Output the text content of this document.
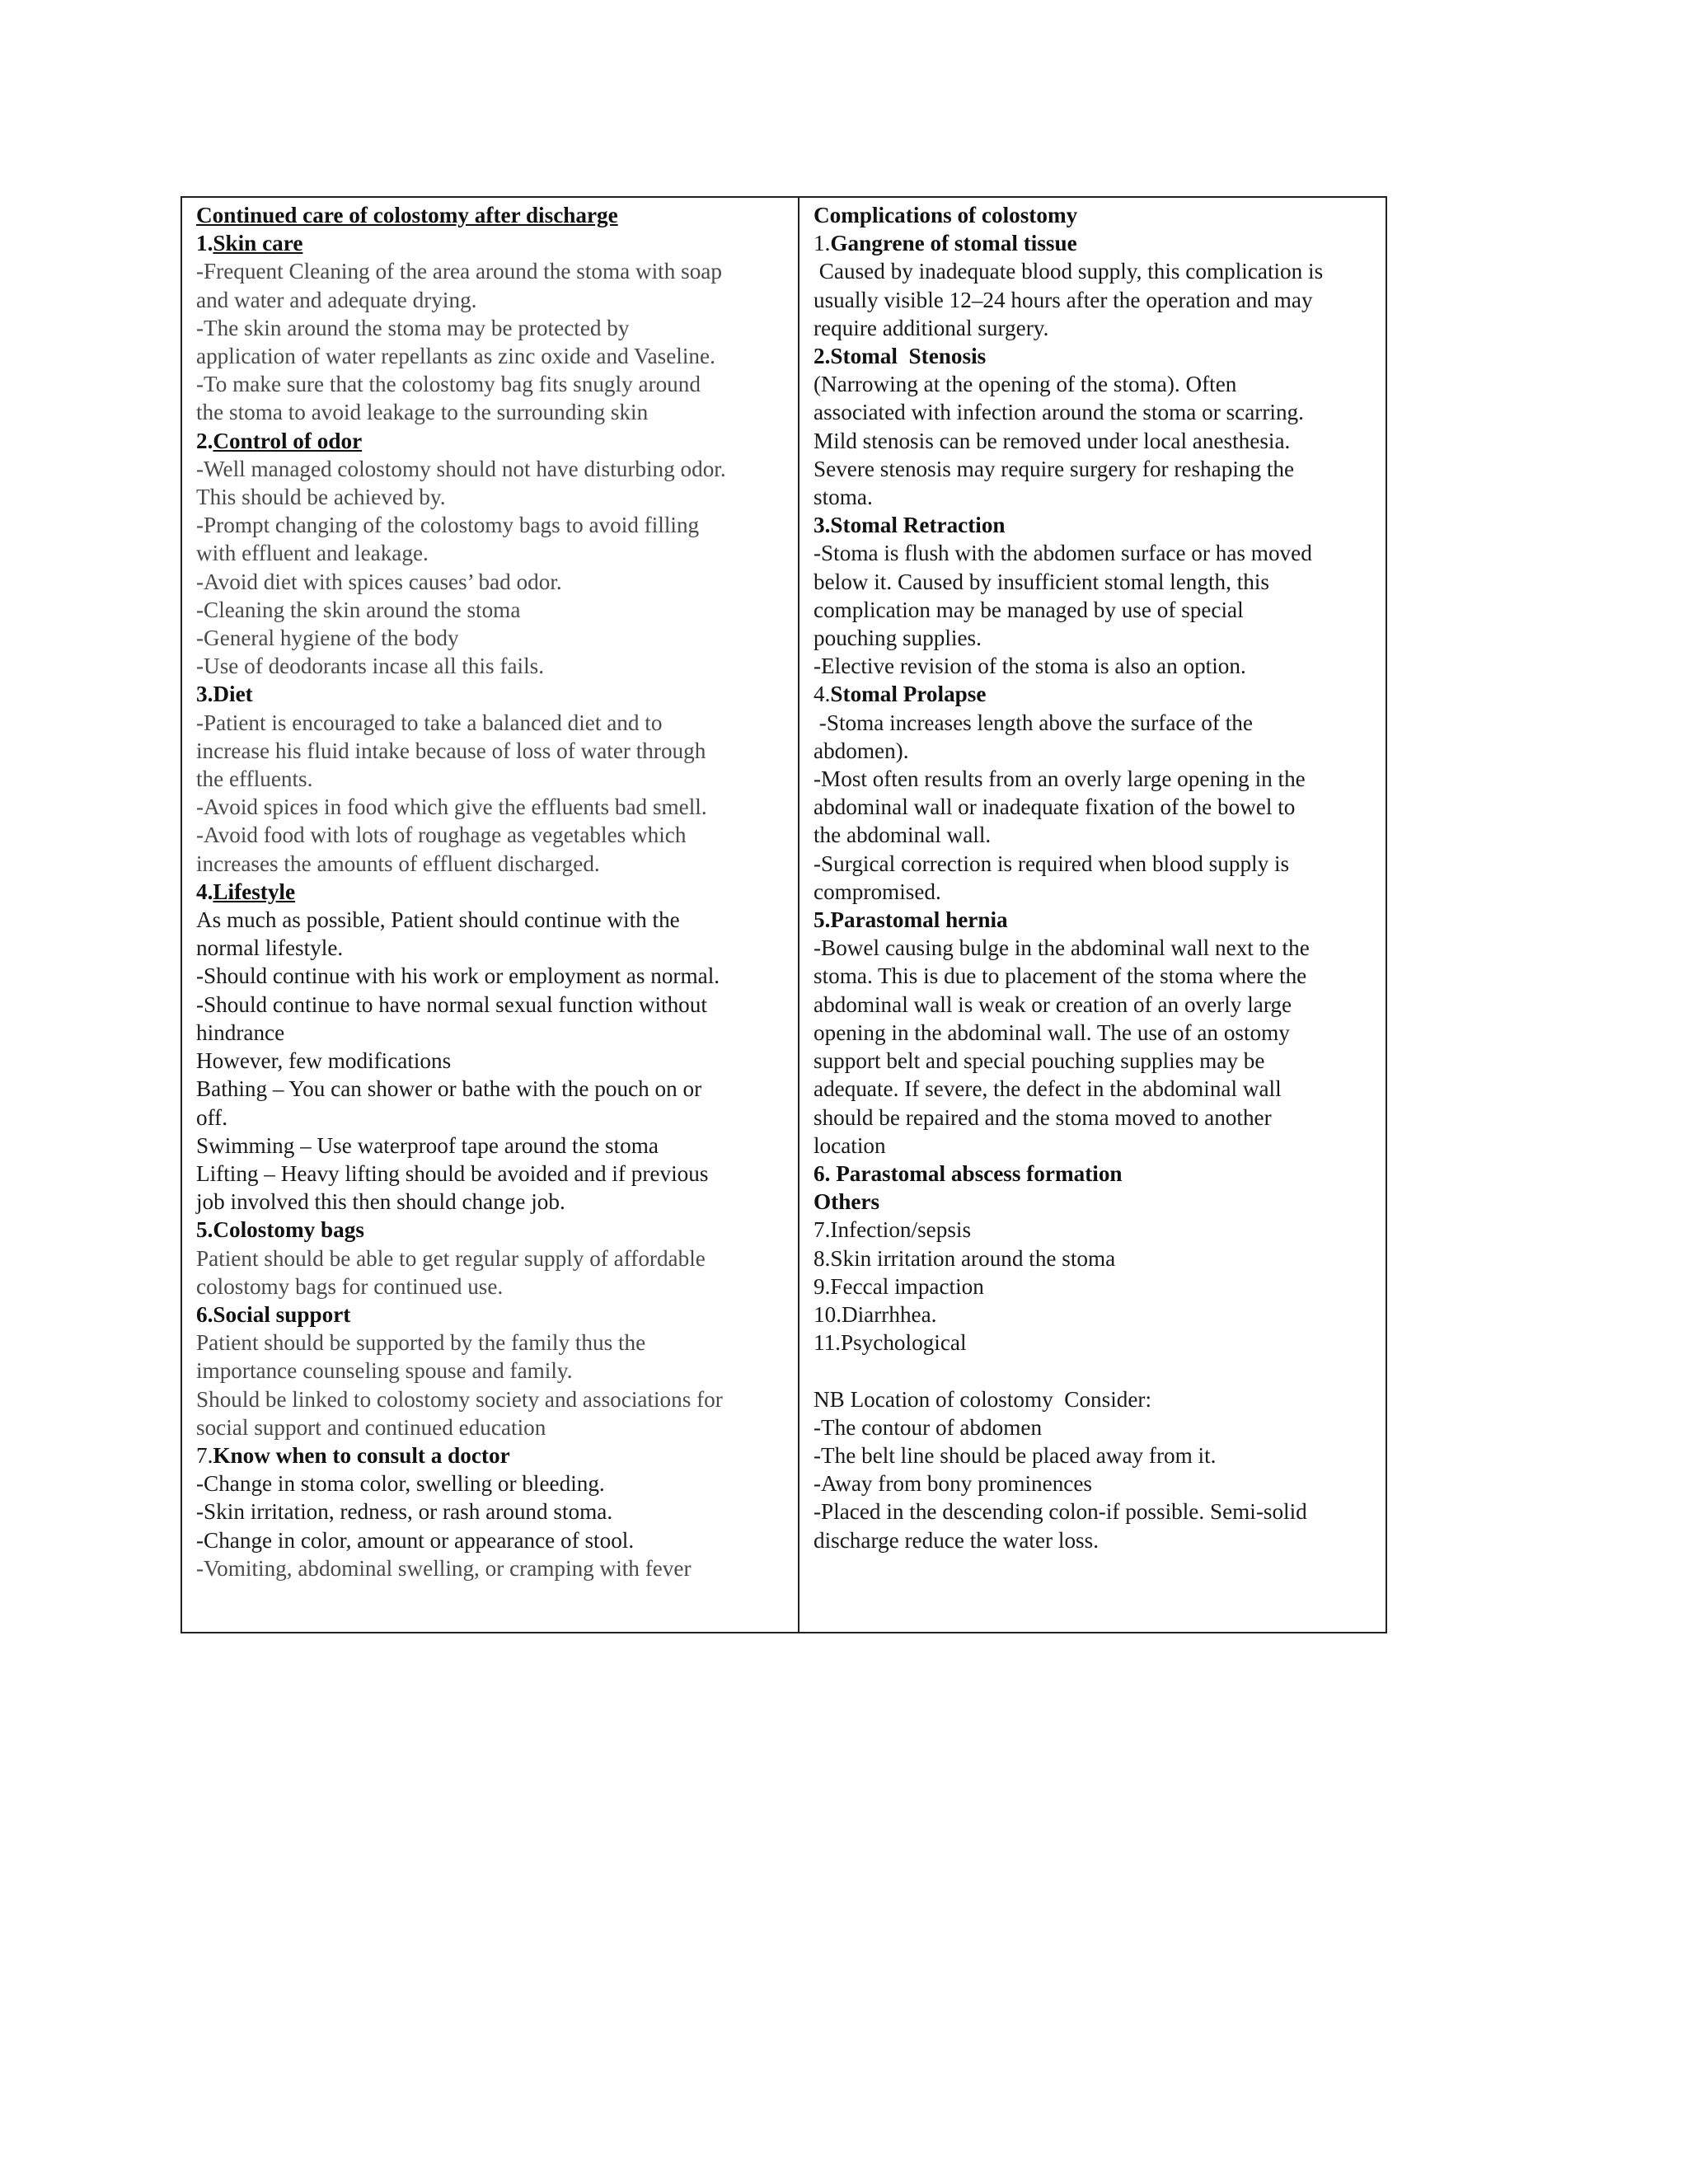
Continued care of colostomy after discharge

1.Skin care

-Frequent Cleaning of the area around the stoma with soap

and water and adequate drying.

-The skin around the stoma may be protected by

application of water repellants as zinc oxide and Vaseline.

-To make sure that the colostomy bag fits snugly around

the stoma to avoid leakage to the surrounding skin

2.Control of odor

-Well managed colostomy should not have disturbing odor.

This should be achieved by.

-Prompt changing of the colostomy bags to avoid filling

with effluent and leakage.

-Avoid diet with spices causes’ bad odor.

-Cleaning the skin around the stoma

-General hygiene of the body

-Use of deodorants incase all this fails.

3.Diet

-Patient is encouraged to take a balanced diet and to

increase his fluid intake because of loss of water through

the effluents.

-Avoid spices in food which give the effluents bad smell.

-Avoid food with lots of roughage as vegetables which

increases the amounts of effluent discharged.

4.Lifestyle

As much as possible, Patient should continue with the

normal lifestyle.

-Should continue with his work or employment as normal.

-Should continue to have normal sexual function without

hindrance

However, few modifications

Bathing – You can shower or bathe with the pouch on or

off.

Swimming – Use waterproof tape around the stoma

Lifting – Heavy lifting should be avoided and if previous

job involved this then should change job.

5.Colostomy bags

Patient should be able to get regular supply of affordable

colostomy bags for continued use.

6.Social support

Patient should be supported by the family thus the

importance counseling spouse and family.

Should be linked to colostomy society and associations for

social support and continued education

7.Know when to consult a doctor

-Change in stoma color, swelling or bleeding.

-Skin irritation, redness, or rash around stoma.

-Change in color, amount or appearance of stool.

-Vomiting, abdominal swelling, or cramping with fever

Complications of colostomy

1.Gangrene of stomal tissue

Caused by inadequate blood supply, this complication is

usually visible 12–24 hours after the operation and may

require additional surgery.

2.Stomal  Stenosis

(Narrowing at the opening of the stoma). Often

associated with infection around the stoma or scarring.

Mild stenosis can be removed under local anesthesia.

Severe stenosis may require surgery for reshaping the

stoma.

3.Stomal Retraction

-Stoma is flush with the abdomen surface or has moved

below it. Caused by insufficient stomal length, this

complication may be managed by use of special

pouching supplies.

-Elective revision of the stoma is also an option.

4.Stomal Prolapse

-Stoma increases length above the surface of the

abdomen).

-Most often results from an overly large opening in the

abdominal wall or inadequate fixation of the bowel to

the abdominal wall.

-Surgical correction is required when blood supply is

compromised.

5.Parastomal hernia

-Bowel causing bulge in the abdominal wall next to the

stoma. This is due to placement of the stoma where the

abdominal wall is weak or creation of an overly large

opening in the abdominal wall. The use of an ostomy

support belt and special pouching supplies may be

adequate. If severe, the defect in the abdominal wall

should be repaired and the stoma moved to another

location

6. Parastomal abscess formation

Others

7.Infection/sepsis

8.Skin irritation around the stoma

9.Feccal impaction

10.Diarrhhea.

11.Psychological

NB Location of colostomy  Consider:

-The contour of abdomen

-The belt line should be placed away from it.

-Away from bony prominences

-Placed in the descending colon-if possible. Semi-solid

discharge reduce the water loss.
